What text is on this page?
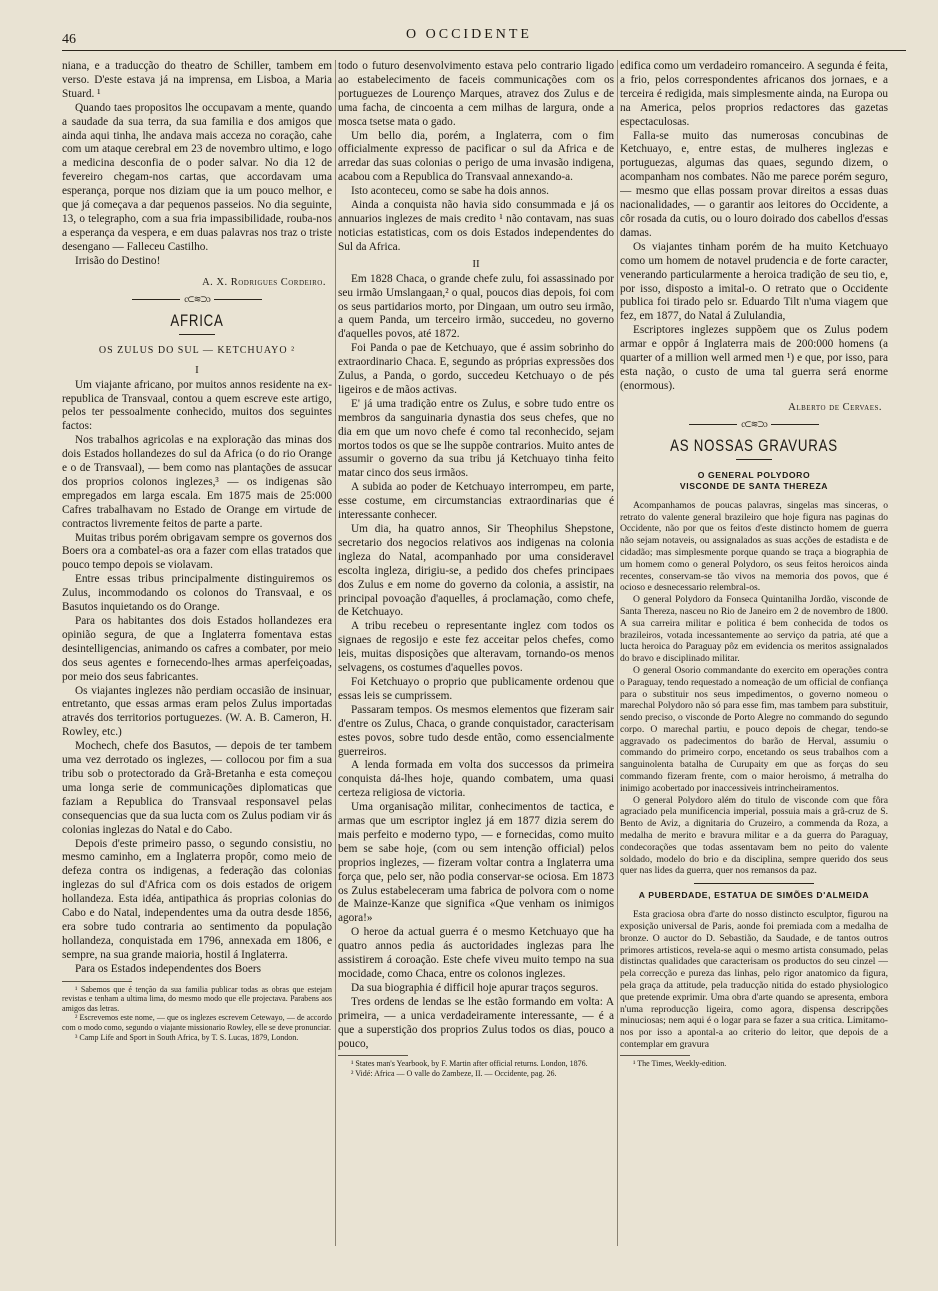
46	O OCCIDENTE

niana, e a traducção do theatro de Schiller, tambem em verso. D'este estava já na imprensa, em Lisboa, a Maria Stuard. ¹

Quando taes propositos lhe occupavam a mente, quando a saudade da sua terra, da sua familia e dos amigos que ainda aqui tinha, lhe andava mais acceza no coração, cahe com um ataque cerebral em 23 de novembro ultimo, e logo a medicina desconfia de o poder salvar. No dia 12 de fevereiro chegam-nos cartas, que accordavam uma esperança, porque nos diziam que ia um pouco melhor, e que já começava a dar pequenos passeios. No dia seguinte, 13, o telegrapho, com a sua fria impassibilidade, rouba-nos a esperança da vespera, e em duas palavras nos traz o triste desengano — Falleceu Castilho.

Irrisão do Destino!

A. X. Rodrigues Cordeiro.
c⊂≋⊃ɔ
AFRICA
OS ZULUS DO SUL — KETCHUAYO ²
I

Um viajante africano, por muitos annos residente na ex-republica de Transvaal, contou a quem escreve este artigo, pelos ter pessoalmente conhecido, muitos dos seguintes factos:

Nos trabalhos agricolas e na exploração das minas dos dois Estados hollandezes do sul da Africa (o do rio Orange e o de Transvaal), — bem como nas plantações de assucar dos proprios colonos inglezes,³ — os indigenas são empregados em larga escala. Em 1875 mais de 25:000 Cafres trabalhavam no Estado de Orange em virtude de contractos livremente feitos de parte a parte.

Muitas tribus porém obrigavam sempre os governos dos Boers ora a combatel-as ora a fazer com ellas tratados que pouco tempo depois se violavam.

Entre essas tribus principalmente distinguiremos os Zulus, incommodando os colonos do Transvaal, e os Basutos inquietando os do Orange.

Para os habitantes dos dois Estados hollandezes era opinião segura, de que a Inglaterra fomentava estas desintelligencias, animando os cafres a combater, por meio dos seus agentes e fornecendo-lhes armas aperfeiçoadas, por meio dos seus fabricantes.

Os viajantes inglezes não perdiam occasião de insinuar, entretanto, que essas armas eram pelos Zulus importadas através dos territorios portuguezes. (W. A. B. Cameron, H. Rowley, etc.)

Mochech, chefe dos Basutos, — depois de ter tambem uma vez derrotado os inglezes, — collocou por fim a sua tribu sob o protectorado da Grã-Bretanha e esta começou uma longa serie de communicações diplomaticas que faziam a Republica do Transvaal responsavel pelas consequencias que da sua lucta com os Zulus podiam vir ás colonias inglezas do Natal e do Cabo.

Depois d'este primeiro passo, o segundo consistiu, no mesmo caminho, em a Inglaterra propôr, como meio de defeza contra os indigenas, a federação das colonias inglezas do sul d'Africa com os dois estados de origem hollandeza. Esta idéa, antipathica ás proprias colonias do Cabo e do Natal, independentes uma da outra desde 1856, era sobre tudo contraria ao sentimento da população hollandeza, conquistada em 1796, annexada em 1806, e sempre, na sua grande maioria, hostil á Inglaterra.

Para os Estados independentes dos Boers

¹ Sabemos que é tenção da sua familia publicar todas as obras que estejam revistas e tenham a ultima lima, do mesmo modo que elle projectava. Parabens aos amigos das letras.

² Escrevemos este nome, — que os inglezes escrevem Cetewayo, — de accordo com o modo como, segundo o viajante missionario Rowley, elle se deve pronunciar.

³ Camp Life and Sport in South Africa, by T. S. Lucas, 1879, London.

todo o futuro desenvolvimento estava pelo contrario ligado ao estabelecimento de faceis communicações com os portuguezes de Lourenço Marques, atravez dos Zulus e de uma facha, de cincoenta a cem milhas de largura, onde a mosca tsetse mata o gado.

Um bello dia, porém, a Inglaterra, com o fim officialmente expresso de pacificar o sul da Africa e de arredar das suas colonias o perigo de uma invasão indigena, acabou com a Republica do Transvaal annexando-a.

Isto aconteceu, como se sabe ha dois annos.

Ainda a conquista não havia sido consummada e já os annuarios inglezes de mais credito ¹ não contavam, nas suas noticias estatisticas, com os dois Estados independentes do Sul da Africa.

II

Em 1828 Chaca, o grande chefe zulu, foi assassinado por seu irmão Umslangaan,² o qual, poucos dias depois, foi com os seus partidarios morto, por Dingaan, um outro seu irmão, a quem Panda, um terceiro irmão, succedeu, no governo d'aquelles povos, até 1872.

Foi Panda o pae de Ketchuayo, que é assim sobrinho do extraordinario Chaca. E, segundo as próprias expressões dos Zulus, a Panda, o gordo, succedeu Ketchuayo o de pés ligeiros e de mãos activas.

E' já uma tradição entre os Zulus, e sobre tudo entre os membros da sanguinaria dynastia dos seus chefes, que no dia em que um novo chefe é como tal reconhecido, sejam mortos todos os que se lhe suppõe contrarios. Muito antes de assumir o governo da sua tribu já Ketchuayo tinha feito matar cinco dos seus irmãos.

A subida ao poder de Ketchuayo interrompeu, em parte, esse costume, em circumstancias extraordinarias que é interessante conhecer.

Um dia, ha quatro annos, Sir Theophilus Shepstone, secretario dos negocios relativos aos indigenas na colonia ingleza do Natal, acompanhado por uma consideravel escolta ingleza, dirigiu-se, a pedido dos chefes principaes dos Zulus e em nome do governo da colonia, a assistir, na principal povoação d'aquelles, á proclamação, como chefe, de Ketchuayo.

A tribu recebeu o representante inglez com todos os signaes de regosijo e este fez acceitar pelos chefes, como leis, muitas disposições que alteravam, tornando-os menos selvagens, os costumes d'aquelles povos.

Foi Ketchuayo o proprio que publicamente ordenou que essas leis se cumprissem.

Passaram tempos. Os mesmos elementos que fizeram sair d'entre os Zulus, Chaca, o grande conquistador, caracterisam estes povos, sobre tudo desde então, como essencialmente guerreiros.

A lenda formada em volta dos successos da primeira conquista dá-lhes hoje, quando combatem, uma quasi certeza religiosa de victoria.

Uma organisação militar, conhecimentos de tactica, e armas que um escriptor inglez já em 1877 dizia serem do mais perfeito e moderno typo, — e fornecidas, como muito bem se sabe hoje, (com ou sem intenção official) pelos proprios inglezes, — fizeram voltar contra a Inglaterra uma força que, pelo ser, não podia conservar-se ociosa. Em 1873 os Zulus estabeleceram uma fabrica de polvora com o nome de Mainze-Kanze que significa «Que venham os inimigos agora!»

O heroe da actual guerra é o mesmo Ketchuayo que ha quatro annos pedia ás auctoridades inglezas para lhe assistirem á coroação. Este chefe viveu muito tempo na sua mocidade, como Chaca, entre os colonos inglezes.

Da sua biographia é difficil hoje apurar traços seguros.

Tres ordens de lendas se lhe estão formando em volta: A primeira, — a unica verdadeiramente interessante, — é a que a superstição dos proprios Zulus todos os dias, pouco a pouco,

¹ States man's Yearbook, by F. Martin after official returns. London, 1876.

² Vidé: Africa — O valle do Zambeze, II. — Occidente, pag. 26.

edifica como um verdadeiro romanceiro. A segunda é feita, a frio, pelos correspondentes africanos dos jornaes, e a terceira é redigida, mais simplesmente ainda, na Europa ou na America, pelos proprios redactores das gazetas espectaculosas.

Falla-se muito das numerosas concubinas de Ketchuayo, e, entre estas, de mulheres inglezas e portuguezas, algumas das quaes, segundo dizem, o acompanham nos combates. Não me parece porém seguro, — mesmo que ellas possam provar direitos a essas duas nacionalidades, — o garantir aos leitores do Occidente, a côr rosada da cutis, ou o louro doirado dos cabellos d'essas damas.

Os viajantes tinham porém de ha muito Ketchuayo como um homem de notavel prudencia e de forte caracter, venerando particularmente a heroica tradição de seu tio, e, por isso, disposto a imital-o. O retrato que o Occidente publica foi tirado pelo sr. Eduardo Tilt n'uma viagem que fez, em 1877, do Natal á Zululandia,

Escriptores inglezes suppõem que os Zulus podem armar e oppôr á Inglaterra mais de 200:000 homens (a quarter of a million well armed men ¹) e que, por isso, para esta nação, o custo de uma tal guerra será enorme (enormous).

Alberto de Cervaes.
c⊂≋⊃ɔ
AS NOSSAS GRAVURAS
O GENERAL POLYDORO
VISCONDE DE SANTA THEREZA

Acompanhamos de poucas palavras, singelas mas sinceras, o retrato do valente general brazileiro que hoje figura nas paginas do Occidente, não por que os feitos d'este distincto homem de guerra não sejam notaveis, ou assignalados as suas acções de estadista e de cidadão; mas simplesmente porque quando se traça a biographia de um homem como o general Polydoro, os seus feitos heroicos ainda recentes, conservam-se tão vivos na memoria dos povos, que é ocioso e desnecessario relembral-os.

O general Polydoro da Fonseca Quintanilha Jordão, visconde de Santa Thereza, nasceu no Rio de Janeiro em 2 de novembro de 1800. A sua carreira militar e politica é bem conhecida de todos os brazileiros, votada incessantemente ao serviço da patria, até que a lucta heroica do Paraguay pôz em evidencia os meritos assignalados do bravo e disciplinado militar.

O general Osorio commandante do exercito em operações contra o Paraguay, tendo requestado a nomeação de um official de confiança para o substituir nos seus impedimentos, o governo nomeou o marechal Polydoro não só para esse fim, mas tambem para substituir, sendo preciso, o visconde de Porto Alegre no commando do segundo corpo. O marechal partiu, e pouco depois de chegar, tendo-se aggravado os padecimentos do barão de Herval, assumiu o commando do primeiro corpo, encetando os seus trabalhos com a sanguinolenta batalha de Curupaity em que as forças do seu commando fizeram frente, com o maior heroismo, á metralha do inimigo acobertado por inaccessiveis intrincheiramentos.

O general Polydoro além do titulo de visconde com que fôra agraciado pela munificencia imperial, possuia mais a grã-cruz de S. Bento de Aviz, a dignitaria do Cruzeiro, a commenda da Roza, a medalha de merito e bravura militar e a da guerra do Paraguay, condecorações que todas assentavam bem no peito do valente soldado, modelo do brio e da disciplina, sempre querido dos seus quer nas lides da guerra, quer nos remansos da paz.

A PUBERDADE, ESTATUA DE SIMÕES D'ALMEIDA

Esta graciosa obra d'arte do nosso distincto esculptor, figurou na exposição universal de Paris, aonde foi premiada com a medalha de bronze. O auctor do D. Sebastião, da Saudade, e de tantos outros primores artisticos, revela-se aqui o mesmo artista consumado, pelas distinctas qualidades que caracterisam os productos do seu cinzel — pela correcção e pureza das linhas, pelo rigor anatomico da figura, pela graça da attitude, pela traducção nitida do estado physiologico que pretende exprimir. Uma obra d'arte quando se apresenta, embora n'uma reproducção ligeira, como agora, dispensa descripções minuciosas; nem aqui é o logar para se fazer a sua critica. Limitamo-nos por isso a apontal-a ao criterio do leitor, que depois de a contemplar em gravura

¹ The Times, Weekly-edition.
